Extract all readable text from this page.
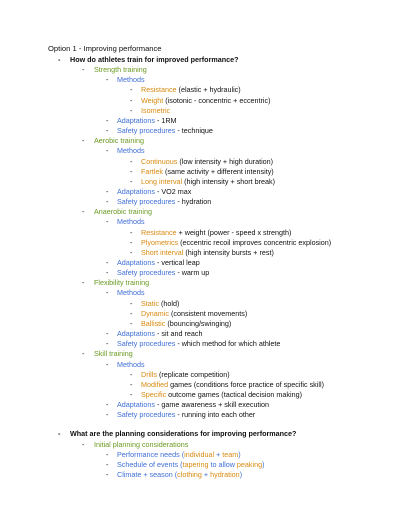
Option 1 - Improving performance
- How do athletes train for improved performance?
- Strength training
- Methods
- Resistance (elastic + hydraulic)
- Weight (isotonic - concentric + eccentric)
- Isometric
- Adaptations - 1RM
- Safety procedures - technique
- Aerobic training
- Methods
- Continuous (low intensity + high duration)
- Fartlek (same activity + different intensity)
- Long interval (high intensity + short break)
- Adaptations - VO2 max
- Safety procedures - hydration
- Anaerobic training
- Methods
- Resistance + weight (power - speed x strength)
- Plyometrics (eccentric recoil improves concentric explosion)
- Short interval (high intensity bursts + rest)
- Adaptations - vertical leap
- Safety procedures - warm up
- Flexibility training
- Methods
- Static (hold)
- Dynamic (consistent movements)
- Ballistic (bouncing/swinging)
- Adaptations - sit and reach
- Safety procedures - which method for which athlete
- Skill training
- Methods
- Drills (replicate competition)
- Modified games (conditions force practice of specific skill)
- Specific outcome games (tactical decision making)
- Adaptations - game awareness + skill execution
- Safety procedures - running into each other
- What are the planning considerations for improving performance?
- Initial planning considerations
- Performance needs (individual + team)
- Schedule of events (tapering to allow peaking)
- Climate + season (clothing + hydration)
